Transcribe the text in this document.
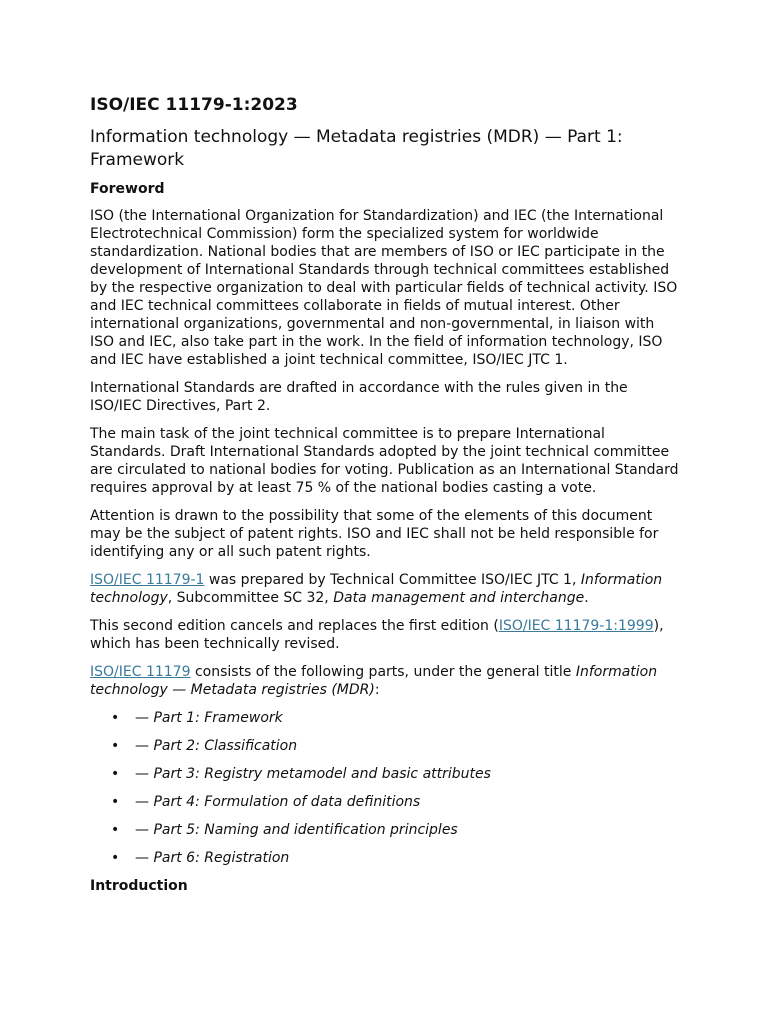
ISO/IEC 11179-1:2023
Information technology — Metadata registries (MDR) — Part 1: Framework
Foreword

ISO (the International Organization for Standardization) and IEC (the International Electrotechnical Commission) form the specialized system for worldwide standardization. National bodies that are members of ISO or IEC participate in the development of International Standards through technical committees established by the respective organization to deal with particular fields of technical activity. ISO and IEC technical committees collaborate in fields of mutual interest. Other international organizations, governmental and non-governmental, in liaison with ISO and IEC, also take part in the work. In the field of information technology, ISO and IEC have established a joint technical committee, ISO/IEC JTC 1.

International Standards are drafted in accordance with the rules given in the ISO/IEC Directives, Part 2.

The main task of the joint technical committee is to prepare International Standards. Draft International Standards adopted by the joint technical committee are circulated to national bodies for voting. Publication as an International Standard requires approval by at least 75 % of the national bodies casting a vote.

Attention is drawn to the possibility that some of the elements of this document may be the subject of patent rights. ISO and IEC shall not be held responsible for identifying any or all such patent rights.

ISO/IEC 11179-1 was prepared by Technical Committee ISO/IEC JTC 1, Information technology, Subcommittee SC 32, Data management and interchange.

This second edition cancels and replaces the first edition (ISO/IEC 11179-1:1999), which has been technically revised.

ISO/IEC 11179 consists of the following parts, under the general title Information technology — Metadata registries (MDR):

• — Part 1: Framework
• — Part 2: Classification
• — Part 3: Registry metamodel and basic attributes
• — Part 4: Formulation of data definitions
• — Part 5: Naming and identification principles
• — Part 6: Registration
Introduction
